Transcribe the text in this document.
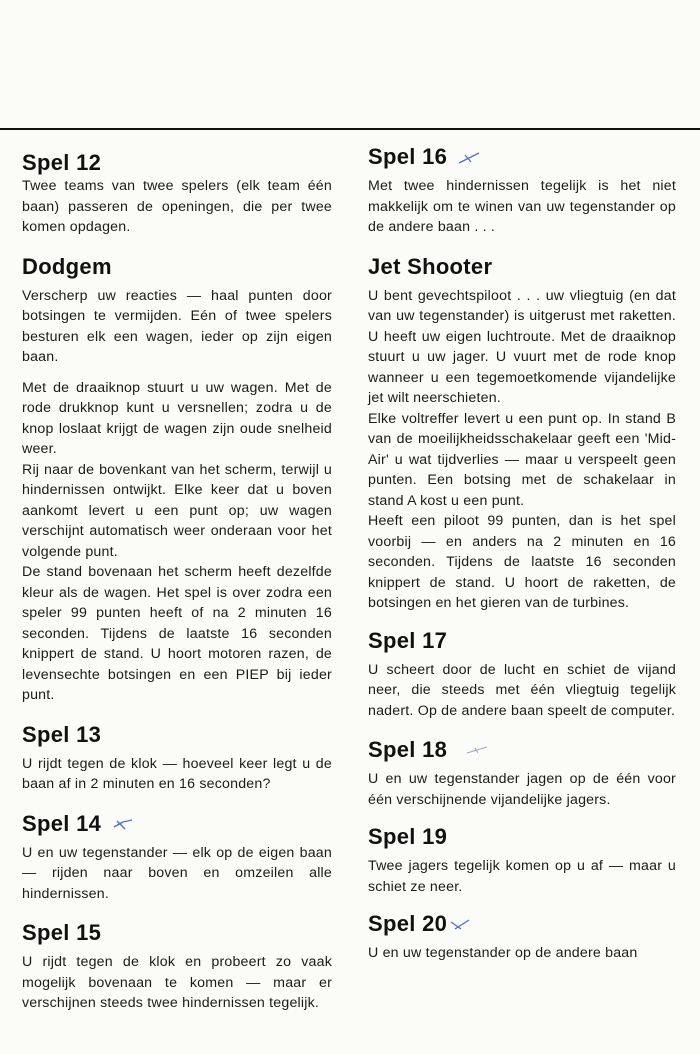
Spel 12

Twee teams van twee spelers (elk team één baan) passeren de openingen, die per twee komen opdagen.

Dodgem

Verscherp uw reacties — haal punten door botsingen te vermijden. Eén of twee spelers besturen elk een wagen, ieder op zijn eigen baan.

Met de draaiknop stuurt u uw wagen. Met de rode drukknop kunt u versnellen; zodra u de knop loslaat krijgt de wagen zijn oude snelheid weer.

Rij naar de bovenkant van het scherm, terwijl u hindernissen ontwijkt. Elke keer dat u boven aankomt levert u een punt op; uw wagen verschijnt automatisch weer onderaan voor het volgende punt.

De stand bovenaan het scherm heeft dezelfde kleur als de wagen. Het spel is over zodra een speler 99 punten heeft of na 2 minuten 16 seconden. Tijdens de laatste 16 seconden knippert de stand. U hoort motoren razen, de levensechte botsingen en een PIEP bij ieder punt.

Spel 13

U rijdt tegen de klok — hoeveel keer legt u de baan af in 2 minuten en 16 seconden?

Spel 14

U en uw tegenstander — elk op de eigen baan — rijden naar boven en omzeilen alle hindernissen.

Spel 15

U rijdt tegen de klok en probeert zo vaak mogelijk bovenaan te komen — maar er verschijnen steeds twee hindernissen tegelijk.

Spel 16

Met twee hindernissen tegelijk is het niet makkelijk om te winen van uw tegenstander op de andere baan . . .

Jet Shooter

U bent gevechtspiloot . . . uw vliegtuig (en dat van uw tegenstander) is uitgerust met raketten. U heeft uw eigen luchtroute. Met de draaiknop stuurt u uw jager. U vuurt met de rode knop wanneer u een tegemoetkomende vijandelijke jet wilt neerschieten.

Elke voltreffer levert u een punt op. In stand B van de moeilijkheidsschakelaar geeft een 'Mid-Air' u wat tijdverlies — maar u verspeelt geen punten. Een botsing met de schakelaar in stand A kost u een punt.

Heeft een piloot 99 punten, dan is het spel voorbij — en anders na 2 minuten en 16 seconden. Tijdens de laatste 16 seconden knippert de stand. U hoort de raketten, de botsingen en het gieren van de turbines.

Spel 17

U scheert door de lucht en schiet de vijand neer, die steeds met één vliegtuig tegelijk nadert. Op de andere baan speelt de computer.

Spel 18

U en uw tegenstander jagen op de één voor één verschijnende vijandelijke jagers.

Spel 19

Twee jagers tegelijk komen op u af — maar u schiet ze neer.

Spel 20

U en uw tegenstander op de andere baan
